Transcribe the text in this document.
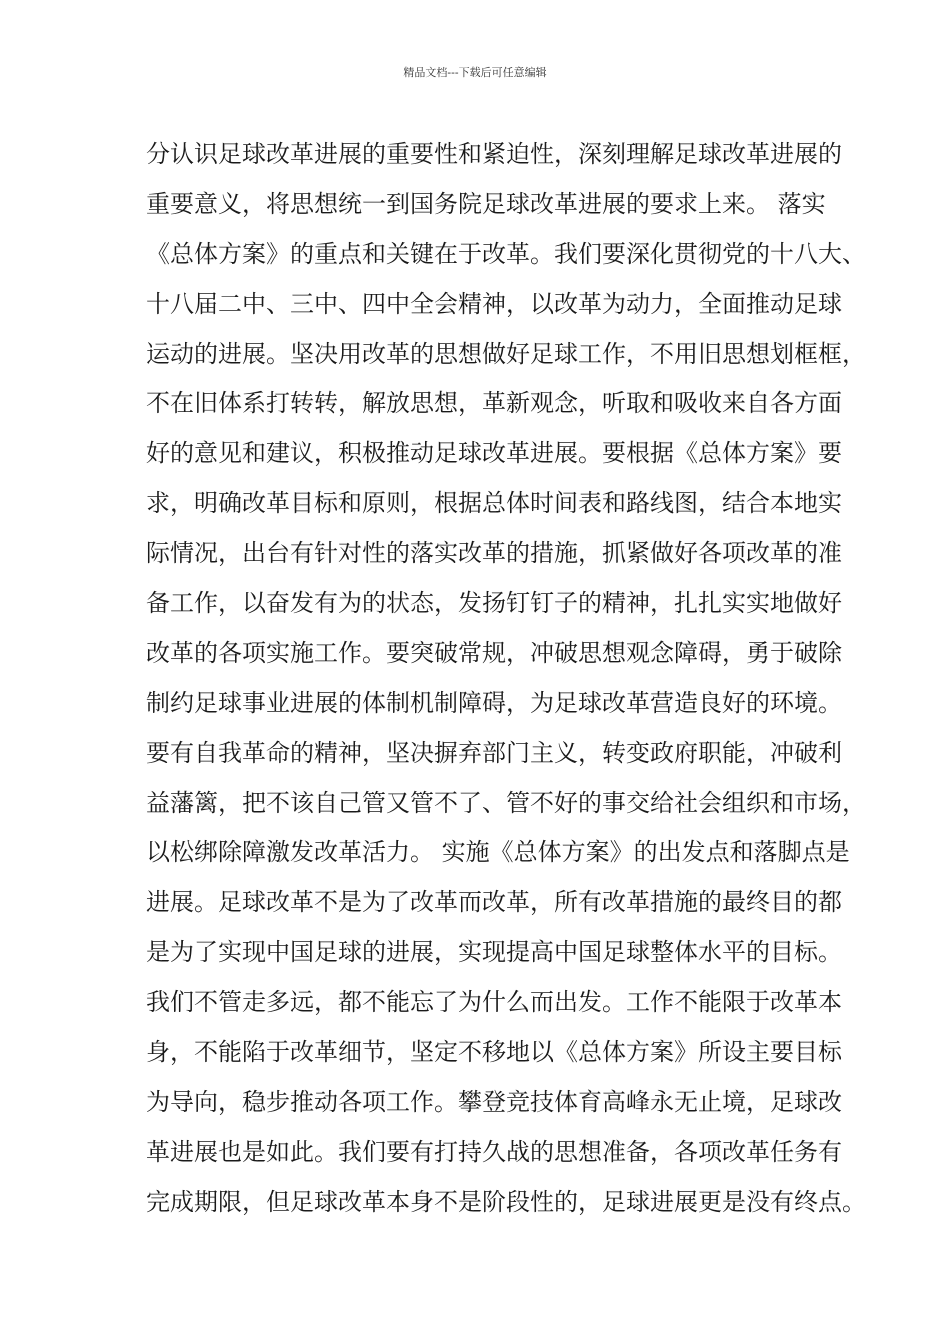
精品文档---下载后可任意编辑
分认识足球改革进展的重要性和紧迫性，深刻理解足球改革进展的
重要意义，将思想统一到国务院足球改革进展的要求上来。 落实
《总体方案》的重点和关键在于改革。我们要深化贯彻党的十八大、
十八届二中、三中、四中全会精神，以改革为动力，全面推动足球
运动的进展。坚决用改革的思想做好足球工作，不用旧思想划框框，
不在旧体系打转转，解放思想，革新观念，听取和吸收来自各方面
好的意见和建议，积极推动足球改革进展。要根据《总体方案》要
求，明确改革目标和原则，根据总体时间表和路线图，结合本地实
际情况，出台有针对性的落实改革的措施，抓紧做好各项改革的准
备工作，以奋发有为的状态，发扬钉钉子的精神，扎扎实实地做好
改革的各项实施工作。要突破常规，冲破思想观念障碍，勇于破除
制约足球事业进展的体制机制障碍，为足球改革营造良好的环境。
要有自我革命的精神，坚决摒弃部门主义，转变政府职能，冲破利
益藩篱，把不该自己管又管不了、管不好的事交给社会组织和市场，
以松绑除障激发改革活力。 实施《总体方案》的出发点和落脚点是
进展。足球改革不是为了改革而改革，所有改革措施的最终目的都
是为了实现中国足球的进展，实现提高中国足球整体水平的目标。
我们不管走多远，都不能忘了为什么而出发。工作不能限于改革本
身，不能陷于改革细节，坚定不移地以《总体方案》所设主要目标
为导向，稳步推动各项工作。攀登竞技体育高峰永无止境，足球改
革进展也是如此。我们要有打持久战的思想准备，各项改革任务有
完成期限，但足球改革本身不是阶段性的，足球进展更是没有终点。
